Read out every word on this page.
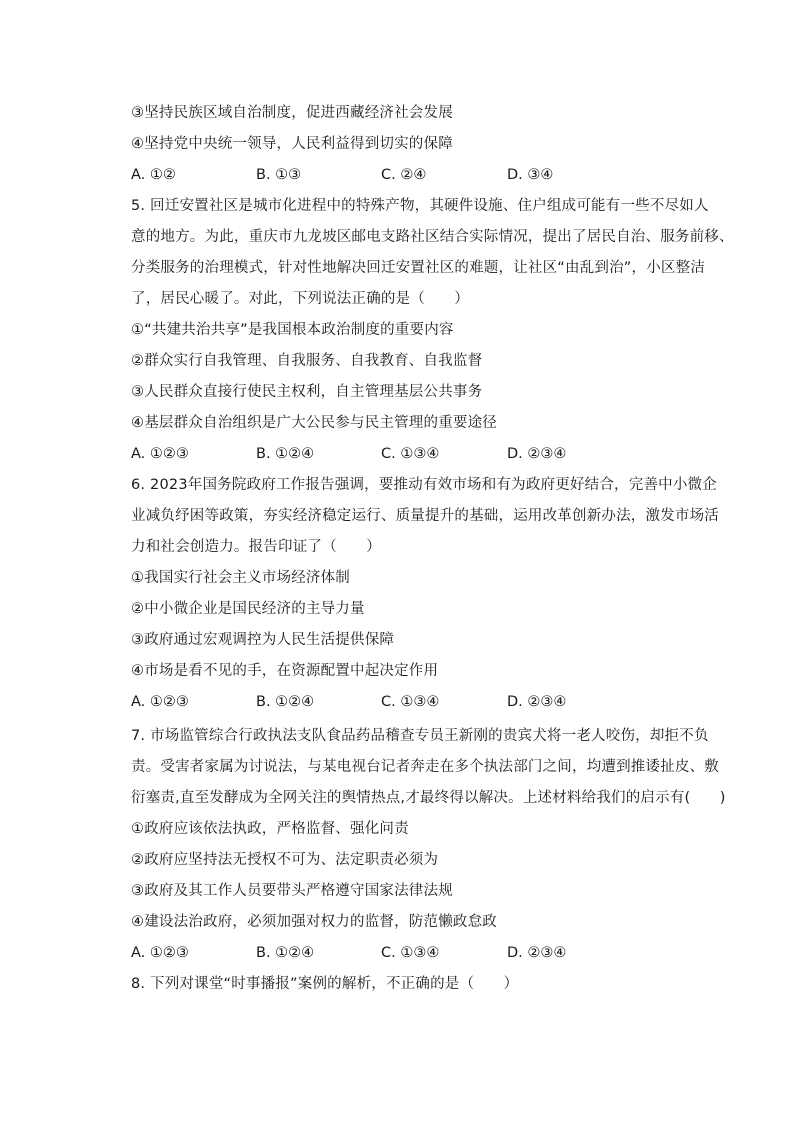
③坚持民族区域自治制度，促进西藏经济社会发展
④坚持党中央统一领导，人民利益得到切实的保障
A. ①②	B. ①③	C. ②④	D. ③④
5. 回迁安置社区是城市化进程中的特殊产物，其硬件设施、住户组成可能有一些不尽如人
意的地方。为此，重庆市九龙坡区邮电支路社区结合实际情况，提出了居民自治、服务前移、
分类服务的治理模式，针对性地解决回迁安置社区的难题，让社区“由乱到治”，小区整洁
了，居民心暖了。对此，下列说法正确的是（　　）
①“共建共治共享”是我国根本政治制度的重要内容
②群众实行自我管理、自我服务、自我教育、自我监督
③人民群众直接行使民主权利，自主管理基层公共事务
④基层群众自治组织是广大公民参与民主管理的重要途径
A. ①②③	B. ①②④	C. ①③④	D. ②③④
6. 2023年国务院政府工作报告强调，要推动有效市场和有为政府更好结合，完善中小微企
业减负纾困等政策，夯实经济稳定运行、质量提升的基础，运用改革创新办法，激发市场活
力和社会创造力。报告印证了（　　）
①我国实行社会主义市场经济体制
②中小微企业是国民经济的主导力量
③政府通过宏观调控为人民生活提供保障
④市场是看不见的手，在资源配置中起决定作用
A. ①②③	B. ①②④	C. ①③④	D. ②③④
7. 市场监管综合行政执法支队食品药品稽查专员王新刚的贵宾犬将一老人咬伤，却拒不负
责。受害者家属为讨说法，与某电视台记者奔走在多个执法部门之间，均遭到推诿扯皮、敷
衍塞责,直至发酵成为全网关注的舆情热点,才最终得以解决。上述材料给我们的启示有(　　)
①政府应该依法执政，严格监督、强化问责
②政府应坚持法无授权不可为、法定职责必须为
③政府及其工作人员要带头严格遵守国家法律法规
④建设法治政府，必须加强对权力的监督，防范懒政怠政
A. ①②③	B. ①②④	C. ①③④	D. ②③④
8. 下列对课堂“时事播报”案例的解析，不正确的是（　　）
